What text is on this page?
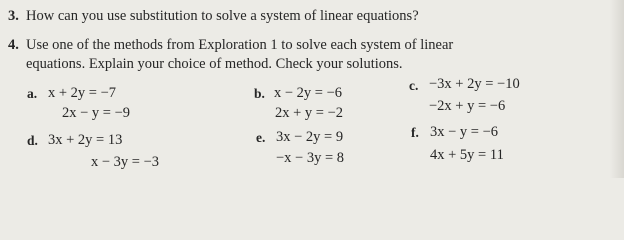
3. How can you use substitution to solve a system of linear equations?
4. Use one of the methods from Exploration 1 to solve each system of linear
equations. Explain your choice of method. Check your solutions.
a. x + 2y = −7
2x − y = −9
b. x − 2y = −6
2x + y = −2
c. −3x + 2y = −10
−2x + y = −6
d. 3x + 2y = 13
x − 3y = −3
e. 3x − 2y = 9
−x − 3y = 8
f. 3x − y = −6
4x + 5y = 11
